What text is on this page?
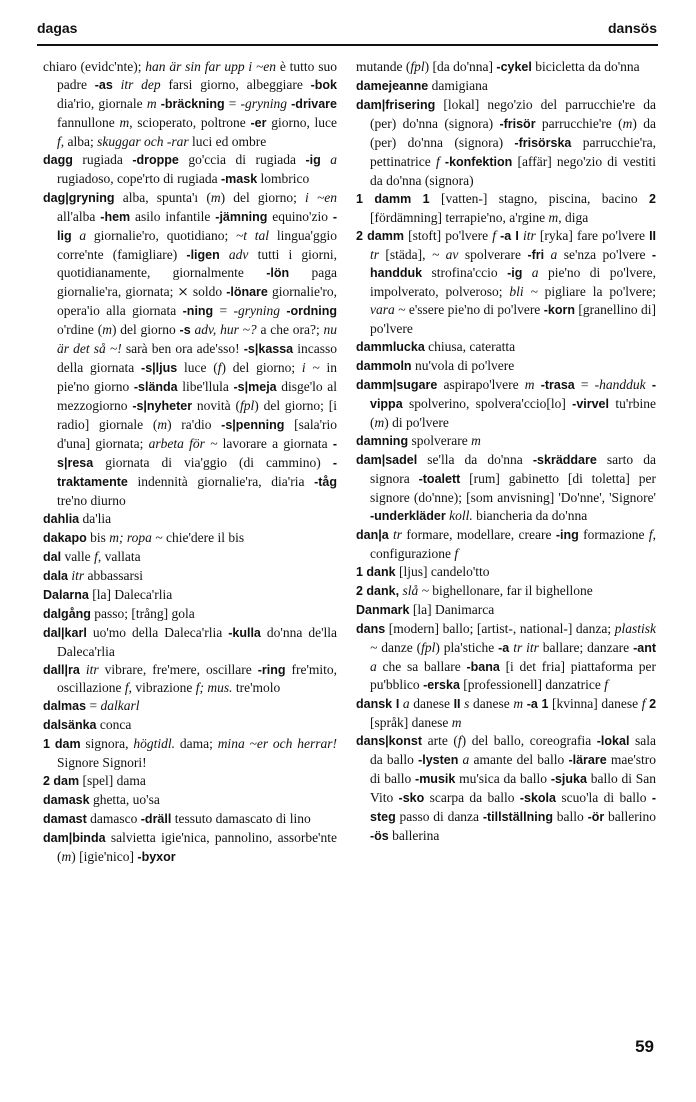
dagas	dansös

chiaro (evidc'nte); han är sin far upp i ~en è tutto suo padre -as itr dep farsi giorno, albeggiare -bok dia'rio, giornale m -bräckning = -gryning -drivare fannullone m, scioperato, poltrone -er giorno, luce f, alba; skuggar och -rar luci ed ombre

dagg rugiada -droppe go'ccia di rugiada -ig a rugiadoso, cope'rto di rugiada -mask lombrico

dag|gryning alba, spunta'ı (m) del giorno; i ~en all'alba -hem asilo infantile -jämning equino'zio -lig a giornalie'ro, quotidiano; ~t tal lingua'ggio corre'nte (famigliare) -ligen adv tutti i giorni, quotidianamente, giornalmente -lön paga giornalie'ra, giornata; ⨯ soldo -lönare giornalie'ro, opera'io alla giornata -ning = -gryning -ordning o'rdine (m) del giorno -s adv, hur ~? a che ora?; nu är det så ~! sarà ben ora ade'sso! -s|kassa incasso della giornata -s|ljus luce (f) del giorno; i ~ in pie'no giorno -slända libe'llula -s|meja disge'lo al mezzogiorno -s|nyheter novità (fpl) del giorno; [i radio] giornale (m) ra'dio -s|penning [sala'rio d'una] giornata; arbeta för ~ lavorare a giornata -s|resa giornata di via'ggio (di cammino) -traktamente indennità giornalie'ra, dia'ria -tåg tre'no diurno

dahlia da'lia

dakapo bis m; ropa ~ chie'dere il bis

dal valle f, vallata

dala itr abbassarsi

Dalarna [la] Daleca'rlia

dalgång passo; [trång] gola

dal|karl uo'mo della Daleca'rlia -kulla do'nna de'lla Daleca'rlia

dall|ra itr vibrare, fre'mere, oscillare -ring fre'mito, oscillazione f, vibrazione f; mus. tre'molo

dalmas = dalkarl

dalsänka conca

1 dam signora, högtidl. dama; mina ~er och herrar! Signore Signori!

2 dam [spel] dama

damask ghetta, uo'sa

damast damasco -dräll tessuto damascato di lino

dam|binda salvietta igie'nica, pannolino, assorbe'nte (m) [igie'nico] -byxor

mutande (fpl) [da do'nna] -cykel bicicletta da do'nna

damejeanne damigiana

dam|frisering [lokal] nego'zio del parrucchie're da (per) do'nna (signora) -frisör parrucchie're (m) da (per) do'nna (signora) -frisörska parrucchie'ra, pettinatrice f -konfektion [affär] nego'zio di vestiti da do'nna (signora)

1 damm 1 [vatten-] stagno, piscina, bacino 2 [fördämning] terrapie'no, a'rgine m, diga

2 damm [stoft] po'lvere f -a I itr [ryka] fare po'lvere II tr [städa], ~ av spolverare -fri a se'nza po'lvere -handduk strofina'ccio -ig a pie'no di po'lvere, impolverato, polveroso; bli ~ pigliare la po'lvere; vara ~ e'ssere pie'no di po'lvere -korn [granellino di] po'lvere

dammlucka chiusa, cateratta

dammoln nu'vola di po'lvere

damm|sugare aspirapo'lvere m -trasa = -handduk -vippa spolverino, spolvera'ccio[lo] -virvel tu'rbine (m) di po'lvere

damning spolverare m

dam|sadel se'lla da do'nna -skräddare sarto da signora -toalett [rum] gabinetto [di toletta] per signore (do'nne); [som anvisning] 'Do'nne', 'Signore' -underkläder koll. biancheria da do'nna

dan|a tr formare, modellare, creare -ing formazione f, configurazione f

1 dank [ljus] candelo'tto

2 dank, slå ~ bighellonare, far il bighellone

Danmark [la] Danimarca

dans [modern] ballo; [artist-, national-] danza; plastisk ~ danze (fpl) pla'stiche -a tr itr ballare; danzare -ant a che sa ballare -bana [i det fria] piattaforma per pu'bblico -erska [professionell] danzatrice f

dansk I a danese II s danese m -a 1 [kvinna] danese f 2 [språk] danese m

dans|konst arte (f) del ballo, coreografia -lokal sala da ballo -lysten a amante del ballo -lärare mae'stro di ballo -musik mu'sica da ballo -sjuka ballo di San Vito -sko scarpa da ballo -skola scuo'la di ballo -steg passo di danza -tillställning ballo -ör ballerino -ös ballerina

59
